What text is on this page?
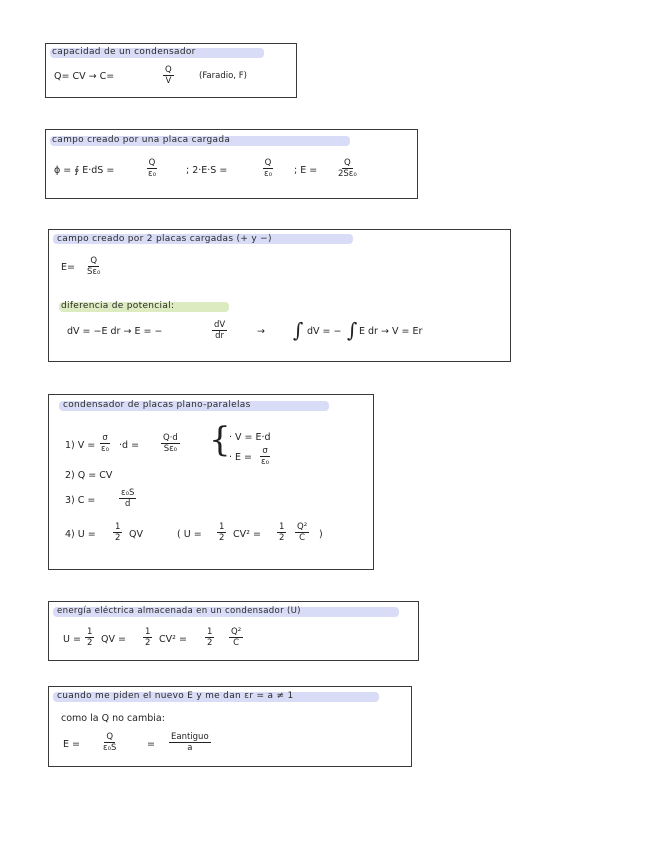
capacidad de un condensador
Q= CV → C=	$\frac{Q}{V}$	(Faradio, F)
campo creado por una placa cargada
ϕ = ∮ E·dS =	$\frac{Q}{\text{ε₀}}$	; 2·E·S =	$\frac{Q}{\text{ε₀}}$ ; $E = \frac{Q}{\text{2Sε₀}}$
campo creado por 2 placas cargadas (+ y −)
$E= \frac{Q}{\text{Sε₀}}$
diferencia de potencial:
dV = −E dr → E = −	$\frac{dV}{dr}$	→ ∫ dV = − ∫ E dr → V = Er
condensador de placas plano-paralelas
1) $V = \frac{\sigma}{\text{ε₀}} \cdot d$ =	$\frac{Q\cdot d}{\text{Sε₀}}$ {
· V = E·d
· $E = \frac{\sigma}{\text{ε₀}}$
2) Q = CV
3) C =	$\frac{\text{ε₀S}}{d}$
4) $U = \frac{1}{2}$ QV	( $U = \frac{1}{2} CV^2 = \frac{1}{2} \frac{\text{Q²}}{C}$ )
energía eléctrica almacenada en un condensador (U)
$U = \frac{1}{2}$ QV = $\frac{1}{2} CV^2 = \frac{1}{2} \frac{\text{Q²}}{C}$
cuando me piden el nuevo E y me dan εr = a ≠ 1
como la Q no cambia:
$E = \frac{Q}{\text{ε₀S}}$	=
Eantiguo
a
